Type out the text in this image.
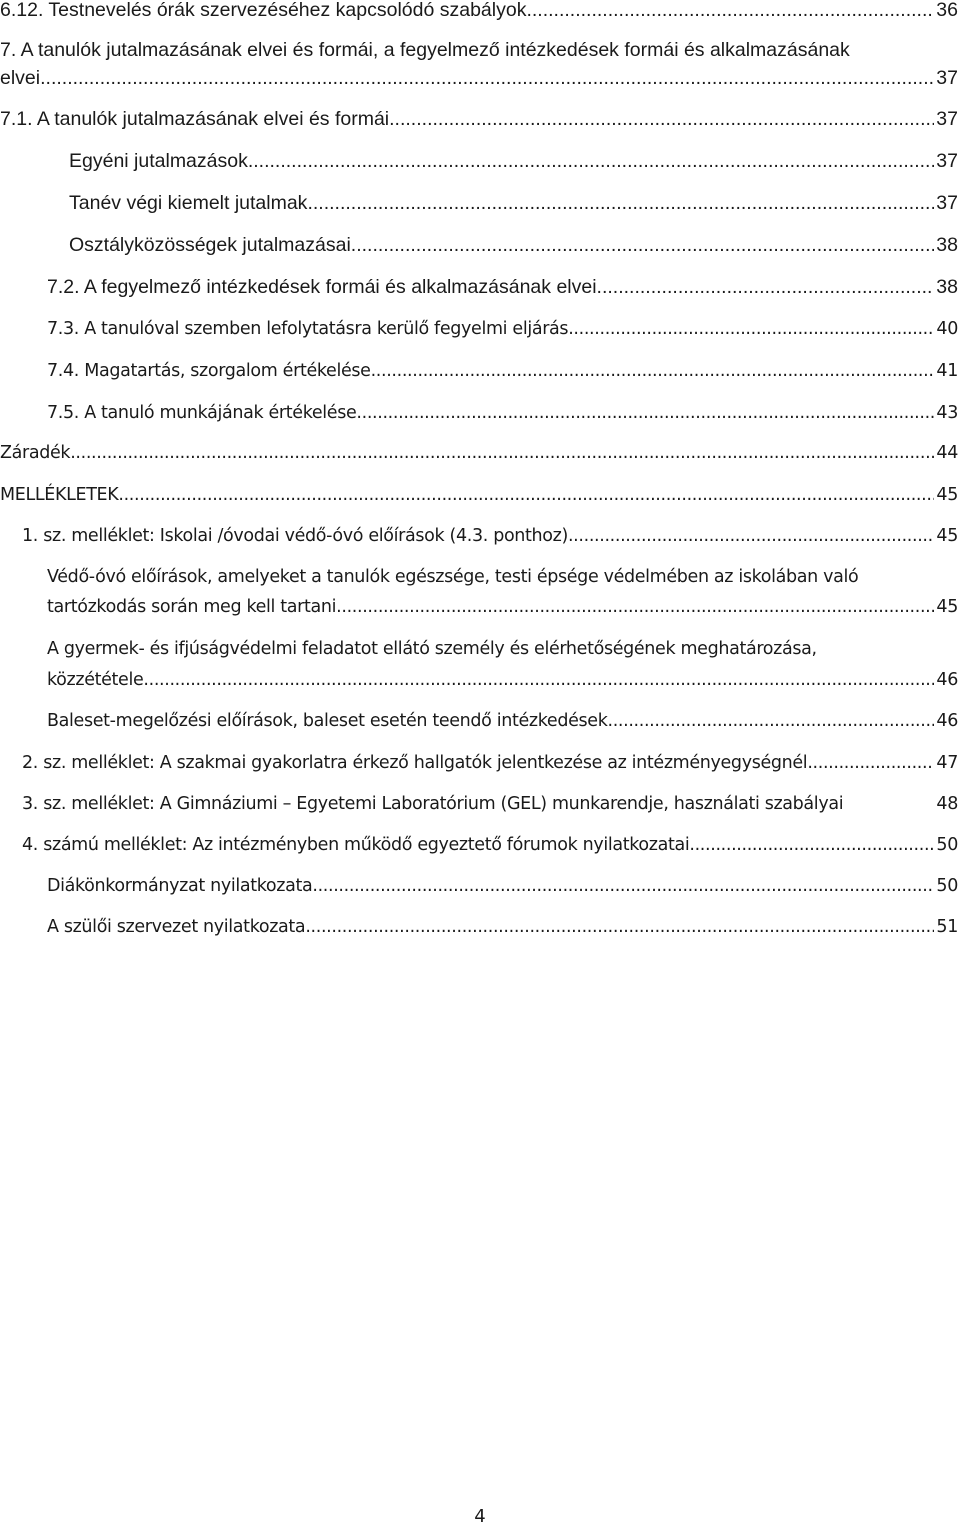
6.12. Testnevelés órák szervezéséhez kapcsolódó szabályok .....	36
7. A tanulók jutalmazásának elvei és formái, a fegyelmező intézkedések formái és alkalmazásának
elvei .....	37
7.1. A tanulók jutalmazásának elvei és formái .....	37
Egyéni jutalmazások .....	37
Tanév végi kiemelt jutalmak .....	37
Osztályközösségek jutalmazásai .....	38
7.2. A fegyelmező intézkedések formái és alkalmazásának elvei .....	38
7.3. A tanulóval szemben lefolytatásra kerülő fegyelmi eljárás .....	40
7.4. Magatartás, szorgalom értékelése .....	41
7.5. A tanuló munkájának értékelése .....	43
Záradék .....	44
MELLÉKLETEK .....	45
1. sz. melléklet: Iskolai /óvodai védő-óvó előírások (4.3. ponthoz) .....	45
Védő-óvó előírások, amelyeket a tanulók egészsége, testi épsége védelmében az iskolában való
tartózkodás során meg kell tartani .....	45
A gyermek- és ifjúságvédelmi feladatot ellátó személy és elérhetőségének meghatározása,
közzététele .....	46
Baleset-megelőzési előírások, baleset esetén teendő intézkedések .....	46
2. sz. melléklet: A szakmai gyakorlatra érkező hallgatók jelentkezése az intézményegységnél .....	47
3. sz. melléklet: A Gimnáziumi – Egyetemi Laboratórium (GEL) munkarendje, használati szabályai	48
4. számú melléklet: Az intézményben működő egyeztető fórumok nyilatkozatai .....	50
Diákönkormányzat nyilatkozata .....	50
A szülői szervezet nyilatkozata .....	51
4
